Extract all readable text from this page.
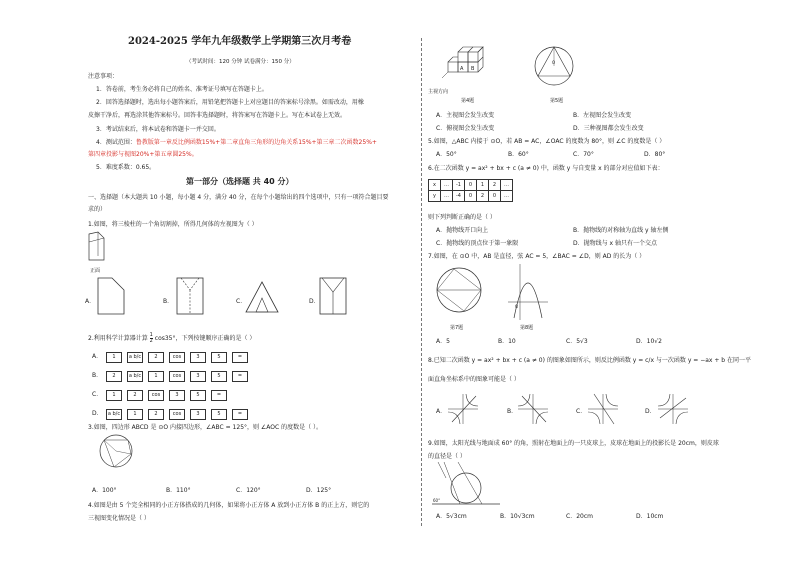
2024-2025 学年九年级数学上学期第三次月考卷
（考试时间：120 分钟 试卷满分：150 分）
注意事项：
1．答卷前，考生务必将自己的姓名、准考证号填写在答题卡上。
2．回答选择题时，选出每小题答案后，用铅笔把答题卡上对应题目的答案标号涂黑。如需改动，用橡
皮擦干净后，再选涂其他答案标号。回答非选择题时，将答案写在答题卡上。写在本试卷上无效。
3．考试结束后，将本试卷和答题卡一并交回。
4．测试范围：鲁教版第一章反比例函数15%+第二章直角三角形的边角关系15%+第三章二次函数25%+
第四章投影与视图20%+第五章圆25%。
5．难度系数：0.65。
第一部分（选择题 共 40 分）
一、选择题（本大题共 10 小题，每小题 4 分，满分 40 分，在每个小题给出的四个选项中，只有一项符合题目要
求的）
1.如图，将三棱柱的一个角切割掉，所得几何体的左视图为（ ）
正面
A．	B．	C．	D．
2.利用科学计算器计算 $\frac{1}{2} \cos 35^\circ$，下列按键顺序正确的是（ ）
A．	1	a b/c	2	cos	3	5	=
B．	2	a b/c	1	cos	3	5	=
C．	1	2	cos	3	5	=
D．	a b/c	1	2	cos	3	5	=
3.如图，四边形 ABCD 是 ⊙O 内接四边形，∠ABC = 125°，则 ∠AOC 的度数是（ ）。
A．100°	B．110°	C．120°	D．125°
4.如图是由 5 个完全相同的小正方体搭成的几何体，如果将小正方体 A 放到小正方体 B 的正上方，则它的
三视图变化情况是（ ）
A B
主视方向
第4题
O
第5题
A．主视图会发生改变	B．左视图会发生改变
C．俯视图会发生改变	D．三种视图都会发生改变
5.如图，△ABC 内接于 ⊙O，若 AB = AC，∠OAC 的度数为 80°，则 ∠C 的度数是（ ）
A．50°	B．60°	C．70°	D．80°
6.在二次函数 y = ax² + bx + c (a ≠ 0) 中，函数 y 与自变量 x 的部分对应值如下表：
x	…	-1	0	1	2	…
y	…	-4	0	2	0	…
则下列判断正确的是（ ）
A．抛物线开口向上	B．抛物线的对称轴为直线 y 轴左侧
C．抛物线的顶点位于第一象限	D．抛物线与 x 轴只有一个交点
7.如图，在 ⊙O 中，AB 是直径，弦 AC = 5，∠BAC = ∠D，则 AD 的长为（ ）
第7题
O
第8题
A．5	B．10	C．5√3	D．10√2
8.已知二次函数 y = ax² + bx + c (a ≠ 0) 的图象如图所示，则反比例函数 y = c/x 与一次函数 y = −ax + b 在同一平
面直角坐标系中的图象可能是（ ）
A．	B．	C．	D．
9.如图，太阳光线与地面成 60° 的角，照射在地面上的一只皮球上，皮球在地面上的投影长是 20cm，则皮球
的直径是（ ）
60°
A．5√3cm	B．10√3cm	C．20cm	D．10cm
